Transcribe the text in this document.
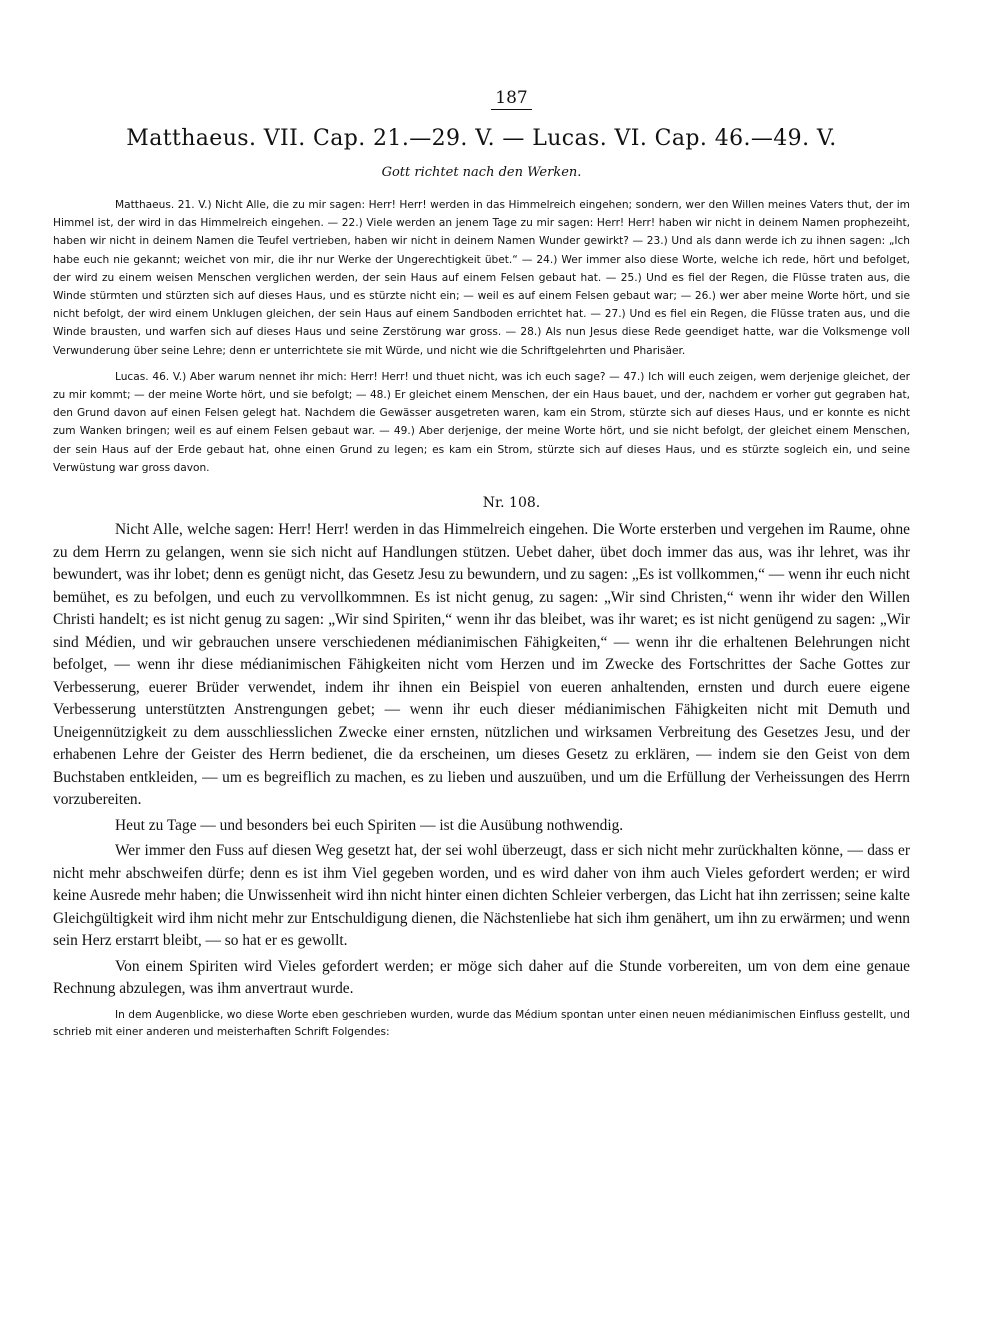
187
Matthaeus. VII. Cap. 21.—29. V. — Lucas. VI. Cap. 46.—49. V.
Gott richtet nach den Werken.

Matthaeus. 21. V.) Nicht Alle, die zu mir sagen: Herr! Herr! werden in das Himmelreich eingehen; sondern, wer den Willen meines Vaters thut, der im Himmel ist, der wird in das Himmelreich eingehen. — 22.) Viele werden an jenem Tage zu mir sagen: Herr! Herr! haben wir nicht in deinem Namen prophezeiht, haben wir nicht in deinem Namen die Teufel vertrieben, haben wir nicht in deinem Namen Wunder gewirkt? — 23.) Und als dann werde ich zu ihnen sagen: „Ich habe euch nie gekannt; weichet von mir, die ihr nur Werke der Ungerechtigkeit übet.“ — 24.) Wer immer also diese Worte, welche ich rede, hört und befolget, der wird zu einem weisen Menschen verglichen werden, der sein Haus auf einem Felsen gebaut hat. — 25.) Und es fiel der Regen, die Flüsse traten aus, die Winde stürmten und stürzten sich auf dieses Haus, und es stürzte nicht ein; — weil es auf einem Felsen gebaut war; — 26.) wer aber meine Worte hört, und sie nicht befolgt, der wird einem Unklugen gleichen, der sein Haus auf einem Sandboden errichtet hat. — 27.) Und es fiel ein Regen, die Flüsse traten aus, und die Winde brausten, und warfen sich auf dieses Haus und seine Zerstörung war gross. — 28.) Als nun Jesus diese Rede geendiget hatte, war die Volksmenge voll Verwunderung über seine Lehre; denn er unterrichtete sie mit Würde, und nicht wie die Schriftgelehrten und Pharisäer.

Lucas. 46. V.) Aber warum nennet ihr mich: Herr! Herr! und thuet nicht, was ich euch sage? — 47.) Ich will euch zeigen, wem derjenige gleichet, der zu mir kommt; — der meine Worte hört, und sie befolgt; — 48.) Er gleichet einem Menschen, der ein Haus bauet, und der, nachdem er vorher gut gegraben hat, den Grund davon auf einen Felsen gelegt hat. Nachdem die Gewässer ausgetreten waren, kam ein Strom, stürzte sich auf dieses Haus, und er konnte es nicht zum Wanken bringen; weil es auf einem Felsen gebaut war. — 49.) Aber derjenige, der meine Worte hört, und sie nicht befolgt, der gleichet einem Menschen, der sein Haus auf der Erde gebaut hat, ohne einen Grund zu legen; es kam ein Strom, stürzte sich auf dieses Haus, und es stürzte sogleich ein, und seine Verwüstung war gross davon.

Nr. 108.

Nicht Alle, welche sagen: Herr! Herr! werden in das Himmelreich eingehen. Die Worte ersterben und vergehen im Raume, ohne zu dem Herrn zu gelangen, wenn sie sich nicht auf Handlungen stützen. Uebet daher, übet doch immer das aus, was ihr lehret, was ihr bewundert, was ihr lobet; denn es genügt nicht, das Gesetz Jesu zu bewundern, und zu sagen: „Es ist vollkommen,“ — wenn ihr euch nicht bemühet, es zu befolgen, und euch zu vervollkommnen. Es ist nicht genug, zu sagen: „Wir sind Christen,“ wenn ihr wider den Willen Christi handelt; es ist nicht genug zu sagen: „Wir sind Spiriten,“ wenn ihr das bleibet, was ihr waret; es ist nicht genügend zu sagen: „Wir sind Médien, und wir gebrauchen unsere verschiedenen médianimischen Fähigkeiten,“ — wenn ihr die erhaltenen Belehrungen nicht befolget, — wenn ihr diese médianimischen Fähigkeiten nicht vom Herzen und im Zwecke des Fortschrittes der Sache Gottes zur Verbesserung, euerer Brüder verwendet, indem ihr ihnen ein Beispiel von eueren anhaltenden, ernsten und durch euere eigene Verbesserung unterstützten Anstrengungen gebet; — wenn ihr euch dieser médianimischen Fähigkeiten nicht mit Demuth und Uneigennützigkeit zu dem ausschliesslichen Zwecke einer ernsten, nützlichen und wirksamen Verbreitung des Gesetzes Jesu, und der erhabenen Lehre der Geister des Herrn bedienet, die da erscheinen, um dieses Gesetz zu erklären, — indem sie den Geist von dem Buchstaben entkleiden, — um es begreiflich zu machen, es zu lieben und auszuüben, und um die Erfüllung der Verheissungen des Herrn vorzubereiten.

Heut zu Tage — und besonders bei euch Spiriten — ist die Ausübung nothwendig.

Wer immer den Fuss auf diesen Weg gesetzt hat, der sei wohl überzeugt, dass er sich nicht mehr zurückhalten könne, — dass er nicht mehr abschweifen dürfe; denn es ist ihm Viel gegeben worden, und es wird daher von ihm auch Vieles gefordert werden; er wird keine Ausrede mehr haben; die Unwissenheit wird ihn nicht hinter einen dichten Schleier verbergen, das Licht hat ihn zerrissen; seine kalte Gleichgültigkeit wird ihm nicht mehr zur Entschuldigung dienen, die Nächstenliebe hat sich ihm genähert, um ihn zu erwärmen; und wenn sein Herz erstarrt bleibt, — so hat er es gewollt.

Von einem Spiriten wird Vieles gefordert werden; er möge sich daher auf die Stunde vorbereiten, um von dem eine genaue Rechnung abzulegen, was ihm anvertraut wurde.

In dem Augenblicke, wo diese Worte eben geschrieben wurden, wurde das Médium spontan unter einen neuen médianimischen Einfluss gestellt, und schrieb mit einer anderen und meisterhaften Schrift Folgendes:
